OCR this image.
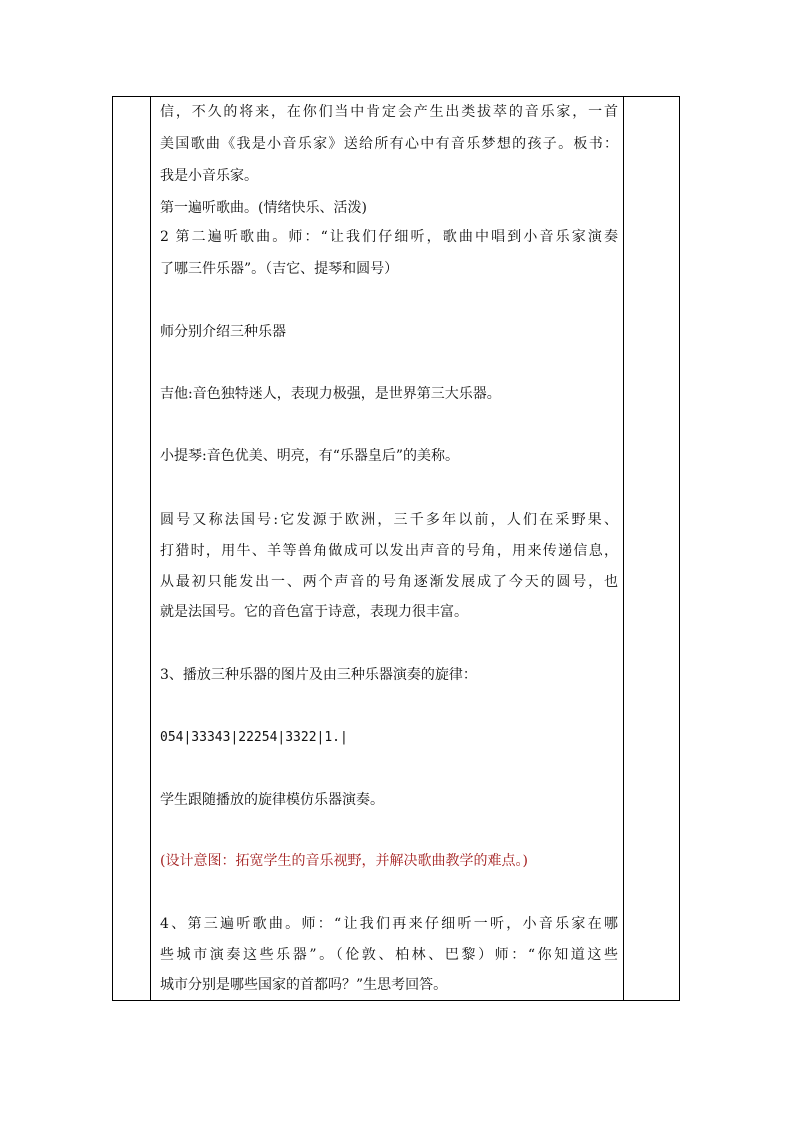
信，不久的将来，在你们当中肯定会产生出类拔萃的音乐家，一首
美国歌曲《我是小音乐家》送给所有心中有音乐梦想的孩子。板书：
我是小音乐家。
第一遍听歌曲。(情绪快乐、活泼)
2 第二遍听歌曲。师：“让我们仔细听，歌曲中唱到小音乐家演奏
了哪三件乐器”。（吉它、提琴和圆号）
师分别介绍三种乐器
吉他:音色独特迷人，表现力极强，是世界第三大乐器。
小提琴:音色优美、明亮，有“乐器皇后”的美称。
圆号又称法国号:它发源于欧洲，三千多年以前，人们在采野果、
打猎时，用牛、羊等兽角做成可以发出声音的号角，用来传递信息，
从最初只能发出一、两个声音的号角逐渐发展成了今天的圆号，也
就是法国号。它的音色富于诗意，表现力很丰富。
3、播放三种乐器的图片及由三种乐器演奏的旋律：
054|33343|22254|3322|1.|
学生跟随播放的旋律模仿乐器演奏。
(设计意图：拓宽学生的音乐视野，并解决歌曲教学的难点。)
4、第三遍听歌曲。师：“让我们再来仔细听一听，小音乐家在哪
些城市演奏这些乐器”。（伦敦、柏林、巴黎）师：“你知道这些
城市分别是哪些国家的首都吗？”生思考回答。
